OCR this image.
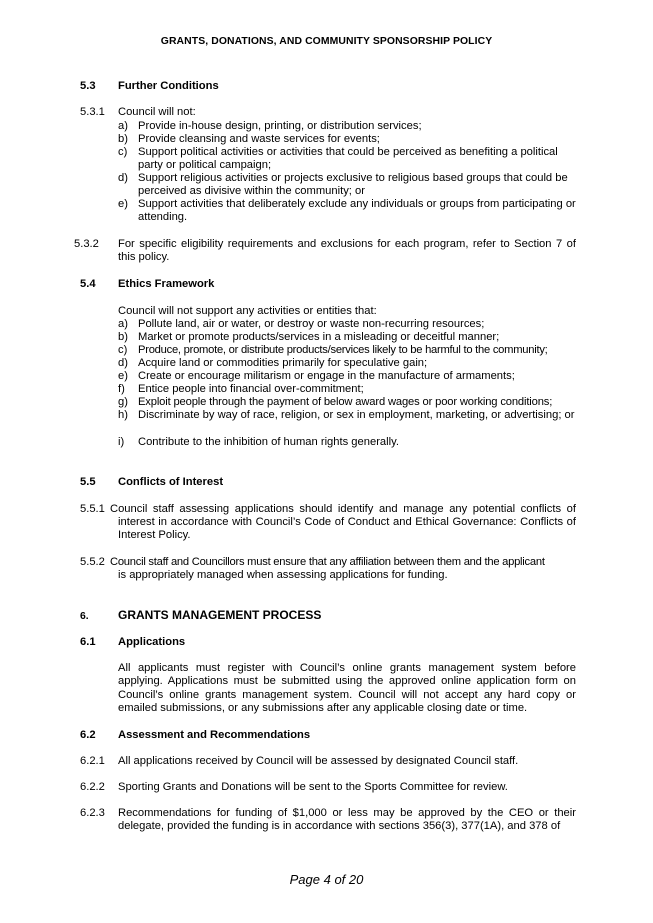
GRANTS, DONATIONS, AND COMMUNITY SPONSORSHIP POLICY
5.3 Further Conditions
5.3.1 Council will not:
a) Provide in-house design, printing, or distribution services;
b) Provide cleansing and waste services for events;
c) Support political activities or activities that could be perceived as benefiting a political party or political campaign;
d) Support religious activities or projects exclusive to religious based groups that could be perceived as divisive within the community; or
e) Support activities that deliberately exclude any individuals or groups from participating or attending.
5.3.2 For specific eligibility requirements and exclusions for each program, refer to Section 7 of this policy.
5.4 Ethics Framework
Council will not support any activities or entities that:
a) Pollute land, air or water, or destroy or waste non-recurring resources;
b) Market or promote products/services in a misleading or deceitful manner;
c) Produce, promote, or distribute products/services likely to be harmful to the community;
d) Acquire land or commodities primarily for speculative gain;
e) Create or encourage militarism or engage in the manufacture of armaments;
f) Entice people into financial over-commitment;
g) Exploit people through the payment of below award wages or poor working conditions;
h) Discriminate by way of race, religion, or sex in employment, marketing, or advertising; or
i) Contribute to the inhibition of human rights generally.
5.5 Conflicts of Interest
5.5.1 Council staff assessing applications should identify and manage any potential conflicts of
interest in accordance with Council’s Code of Conduct and Ethical Governance: Conflicts of Interest Policy.
5.5.2 Council staff and Councillors must ensure that any affiliation between them and the applicant
is appropriately managed when assessing applications for funding.
6. GRANTS MANAGEMENT PROCESS
6.1 Applications
All applicants must register with Council’s online grants management system before applying. Applications must be submitted using the approved online application form on Council’s online grants management system. Council will not accept any hard copy or emailed submissions, or any submissions after any applicable closing date or time.
6.2 Assessment and Recommendations
6.2.1 All applications received by Council will be assessed by designated Council staff.
6.2.2 Sporting Grants and Donations will be sent to the Sports Committee for review.
6.2.3 Recommendations for funding of $1,000 or less may be approved by the CEO or their delegate, provided the funding is in accordance with sections 356(3), 377(1A), and 378 of
Page 4 of 20
